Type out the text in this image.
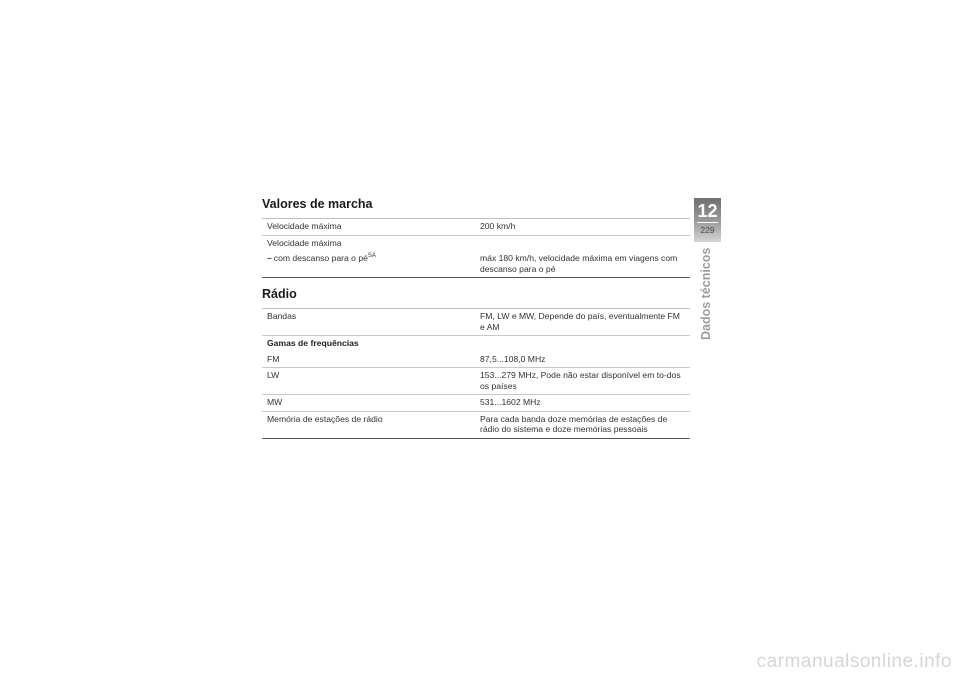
Valores de marcha
Velocidade máxima	200 km/h
Velocidade máxima	
– com descanso para o $pé^{SA}$	máx 180 km/h, velocidade máxima em viagens com descanso para o pé
Rádio
Bandas	FM, LW e MW, Depende do país, eventualmente FM e AM
Gamas de frequências	
FM	87,5...108,0 MHz
LW	153...279 MHz, Pode não estar disponível em to-dos os países
MW	531...1602 MHz
Memória de estações de rádio	Para cada banda doze memórias de estações de rádio do sistema e doze memórias pessoais
12
229
Dados técnicos
carmanualsonline.info
